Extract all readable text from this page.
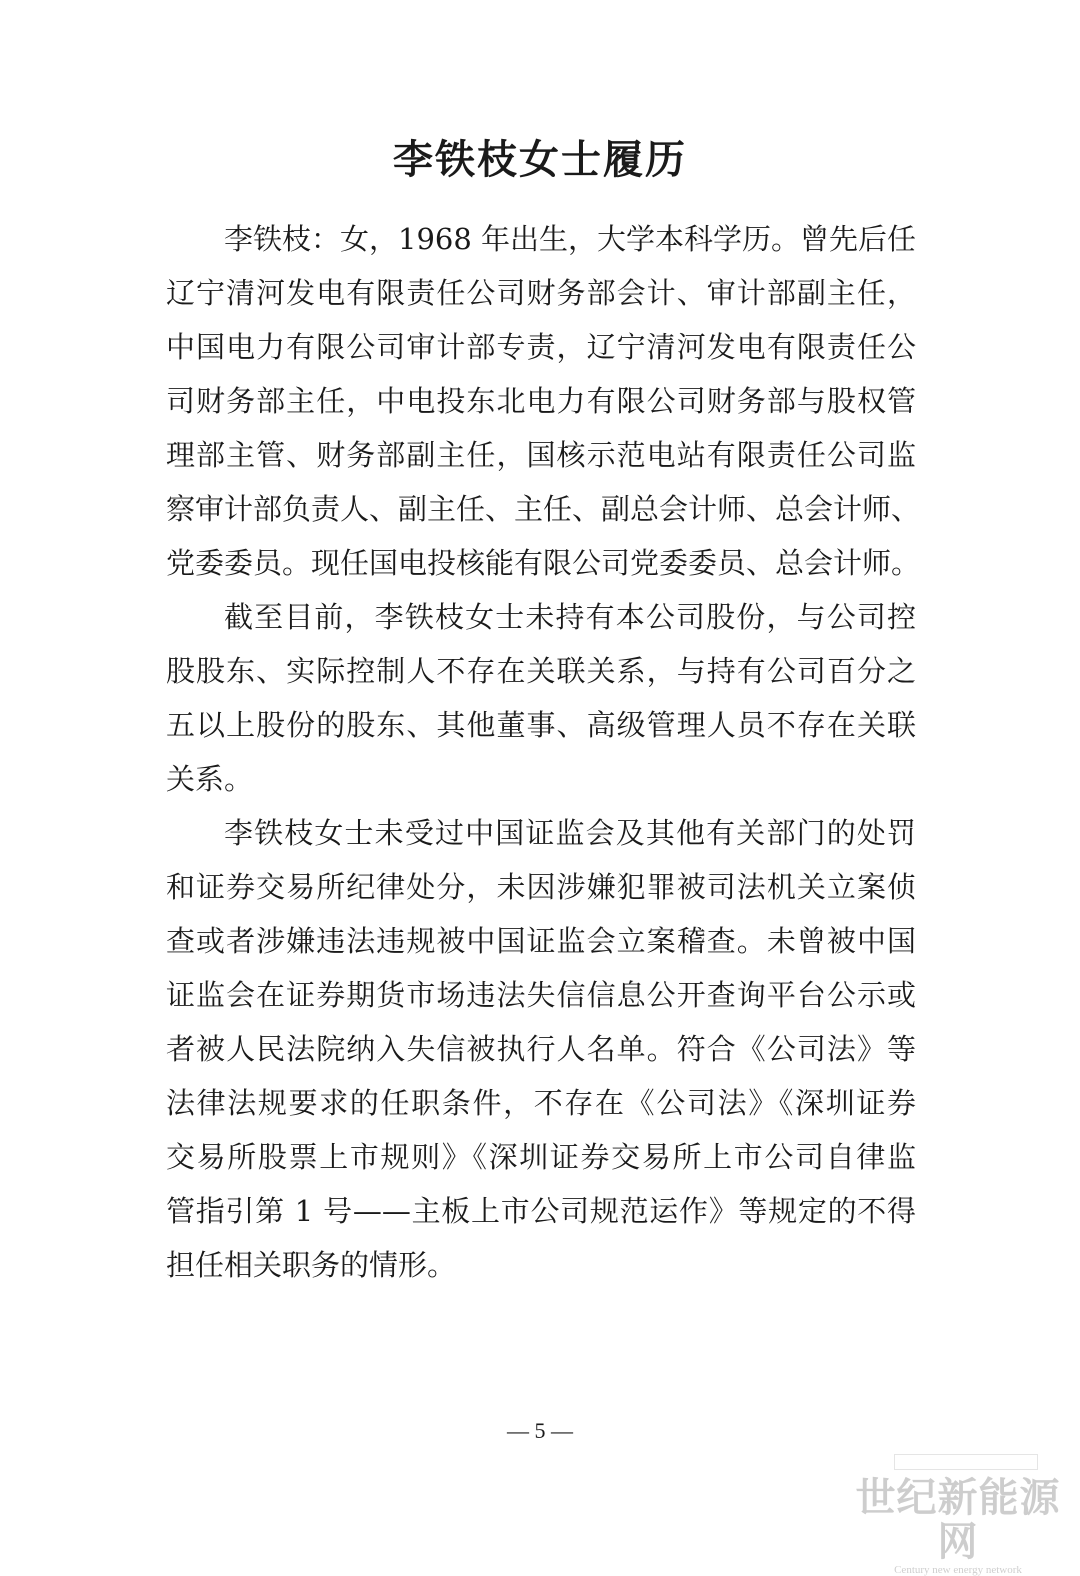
李铁枝女士履历
李铁枝：女，1968 年出生，大学本科学历。曾先后任
辽宁清河发电有限责任公司财务部会计、审计部副主任，
中国电力有限公司审计部专责，辽宁清河发电有限责任公
司财务部主任，中电投东北电力有限公司财务部与股权管
理部主管、财务部副主任，国核示范电站有限责任公司监
察审计部负责人、副主任、主任、副总会计师、总会计师、
党委委员。现任国电投核能有限公司党委委员、总会计师。
截至目前，李铁枝女士未持有本公司股份，与公司控
股股东、实际控制人不存在关联关系，与持有公司百分之
五以上股份的股东、其他董事、高级管理人员不存在关联
关系。
李铁枝女士未受过中国证监会及其他有关部门的处罚
和证券交易所纪律处分，未因涉嫌犯罪被司法机关立案侦
查或者涉嫌违法违规被中国证监会立案稽查。未曾被中国
证监会在证券期货市场违法失信信息公开查询平台公示或
者被人民法院纳入失信被执行人名单。符合《公司法》等
法律法规要求的任职条件，不存在《公司法》《深圳证券
交易所股票上市规则》《深圳证券交易所上市公司自律监
管指引第 1 号——主板上市公司规范运作》等规定的不得
担任相关职务的情形。
— 5 —
世纪新能源网
Century new energy network
